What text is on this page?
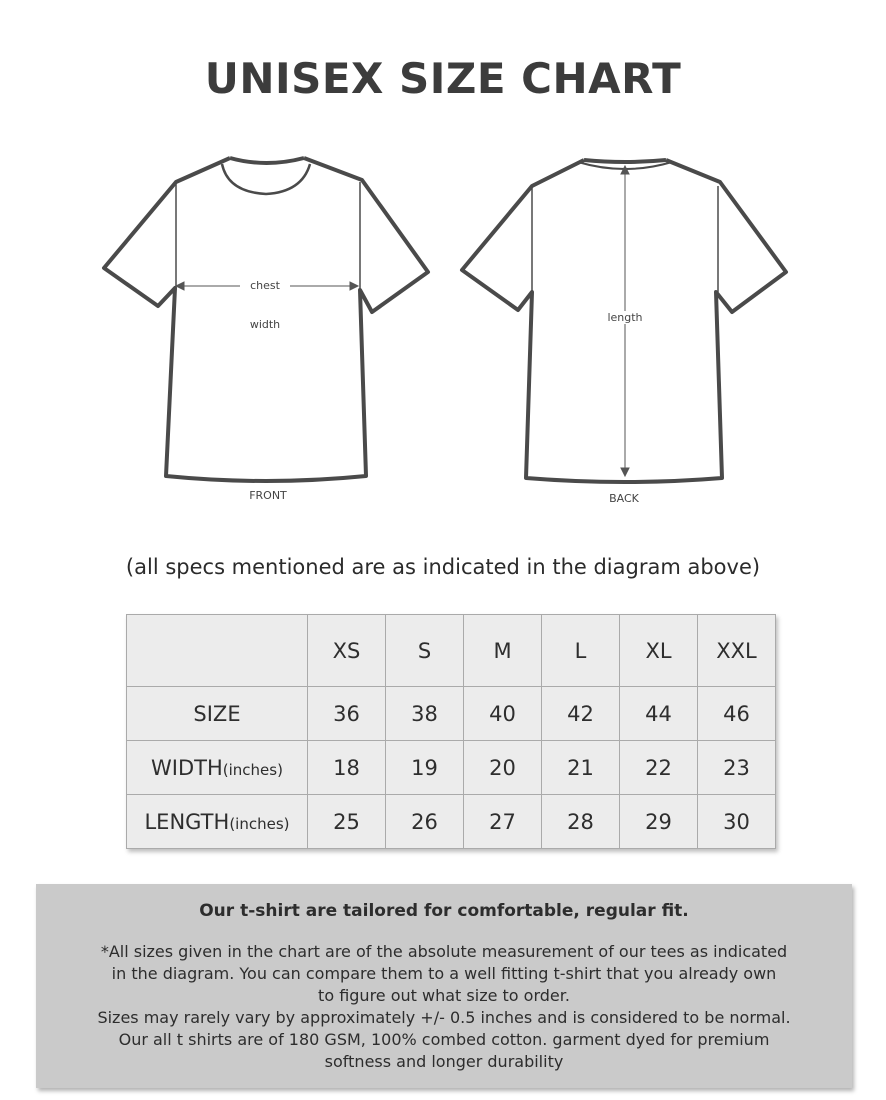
UNISEX SIZE CHART
chest
width
length
FRONT	BACK
(all specs mentioned are as indicated in the diagram above)
	XS	S	M	L	XL	XXL
SIZE	36	38	40	42	44	46
WIDTH(inches)	18	19	20	21	22	23
LENGTH(inches)	25	26	27	28	29	30
Our t-shirt are tailored for comfortable, regular fit.
*All sizes given in the chart are of the absolute measurement of our tees as indicated
in the diagram. You can compare them to a well fitting t-shirt that you already own
to figure out what size to order.
Sizes may rarely vary by approximately +/- 0.5 inches and is considered to be normal.
Our all t shirts are of 180 GSM, 100% combed cotton. garment dyed for premium
softness and longer durability
